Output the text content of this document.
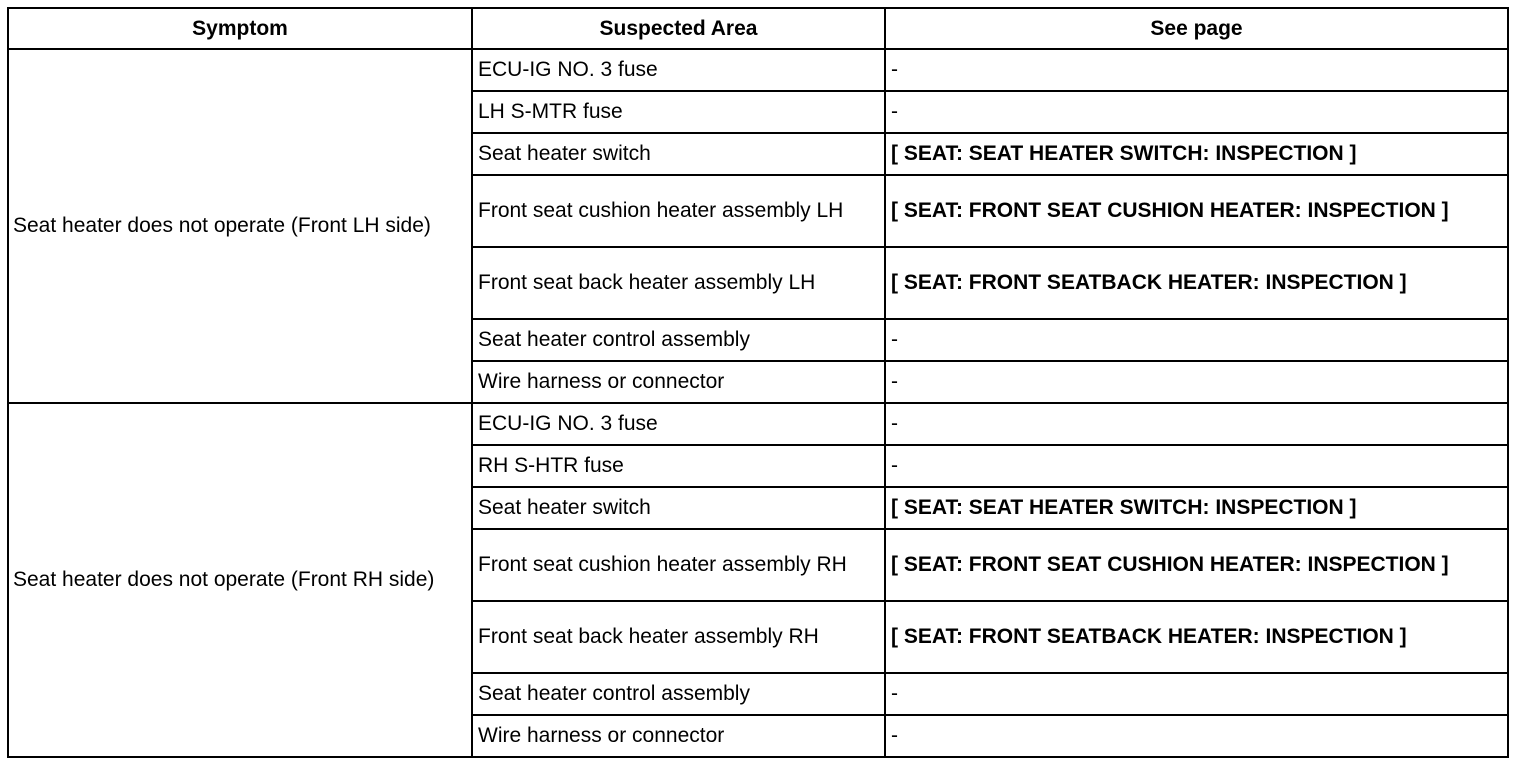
Symptom	Suspected Area	See page
Seat heater does not operate (Front LH side)	ECU-IG NO. 3 fuse	-
	LH S-MTR fuse	-
	Seat heater switch	[ SEAT: SEAT HEATER SWITCH: INSPECTION ]
	Front seat cushion heater assembly LH	[ SEAT: FRONT SEAT CUSHION HEATER: INSPECTION ]
	Front seat back heater assembly LH	[ SEAT: FRONT SEATBACK HEATER: INSPECTION ]
	Seat heater control assembly	-
	Wire harness or connector	-
Seat heater does not operate (Front RH side)	ECU-IG NO. 3 fuse	-
	RH S-HTR fuse	-
	Seat heater switch	[ SEAT: SEAT HEATER SWITCH: INSPECTION ]
	Front seat cushion heater assembly RH	[ SEAT: FRONT SEAT CUSHION HEATER: INSPECTION ]
	Front seat back heater assembly RH	[ SEAT: FRONT SEATBACK HEATER: INSPECTION ]
	Seat heater control assembly	-
	Wire harness or connector	-
